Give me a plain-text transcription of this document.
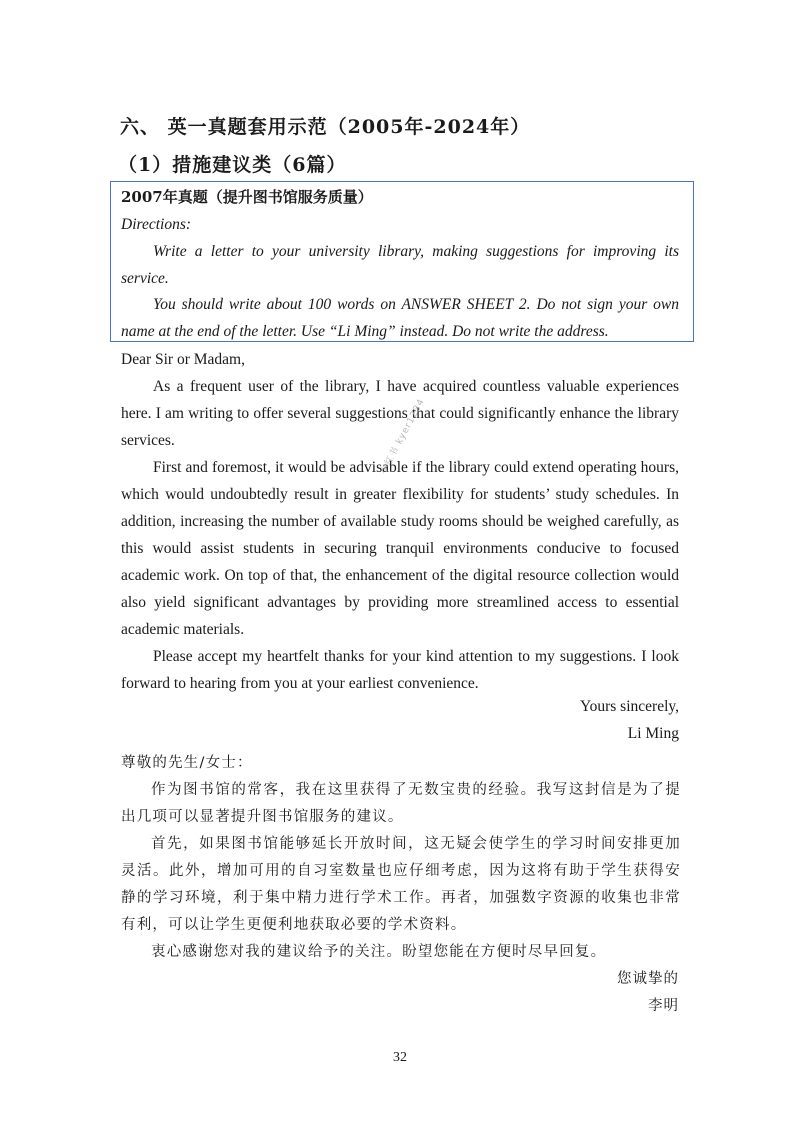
六、 英一真题套用示范（2005年-2024年）
（1）措施建议类（6篇）
2007年真题（提升图书馆服务质量）
Directions:
Write a letter to your university library, making suggestions for improving its service.
You should write about 100 words on ANSWER SHEET 2. Do not sign your own name at the end of the letter. Use “Li Ming” instead. Do not write the address.
Dear Sir or Madam,
As a frequent user of the library, I have acquired countless valuable experiences here. I am writing to offer several suggestions that could significantly enhance the library services.
First and foremost, it would be advisable if the library could extend operating hours, which would undoubtedly result in greater flexibility for students’ study schedules. In addition, increasing the number of available study rooms should be weighed carefully, as this would assist students in securing tranquil environments conducive to focused academic work. On top of that, the enhancement of the digital resource collection would also yield significant advantages by providing more streamlined access to essential academic materials.
Please accept my heartfelt thanks for your kind attention to my suggestions. I look forward to hearing from you at your earliest convenience.
Yours sincerely,
Li Ming
尊敬的先生/女士：
作为图书馆的常客，我在这里获得了无数宝贵的经验。我写这封信是为了提出几项可以显著提升图书馆服务的建议。
首先，如果图书馆能够延长开放时间，这无疑会使学生的学习时间安排更加灵活。此外，增加可用的自习室数量也应仔细考虑，因为这将有助于学生获得安静的学习环境，利于集中精力进行学术工作。再者，加强数字资源的收集也非常有利，可以让学生更便利地获取必要的学术资料。
衷心感谢您对我的建议给予的关注。盼望您能在方便时尽早回复。
您诚挚的
李明
小红书 kyer1234
32
